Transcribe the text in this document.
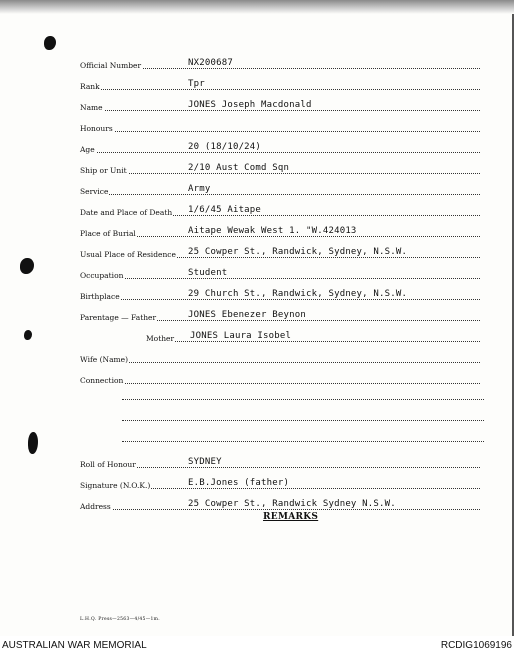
Official Number	NX200687
Rank	Tpr
Name	JONES Joseph Macdonald
Honours
Age	20 (18/10/24)
Ship or Unit	2/10 Aust Comd Sqn
Service	Army
Date and Place of Death 1/6/45 Aitape
Place of Burial	Aitape Wewak West 1. "W.424013
Usual Place of Residence 25 Cowper St., Randwick, Sydney, N.S.W.
Occupation	Student
Birthplace	29 Church St., Randwick, Sydney, N.S.W.
Parentage — Father	JONES Ebenezer Beynon
Mother JONES Laura Isobel
Wife (Name)
Connection
Roll of Honour	SYDNEY
Signature (N.O.K.)	E.B.Jones (father)
Address	25 Cowper St., Randwick Sydney N.S.W.
REMARKS
L.H.Q. Press—2563—4/45—1m.
AUSTRALIAN WAR MEMORIAL	RCDIG1069196
